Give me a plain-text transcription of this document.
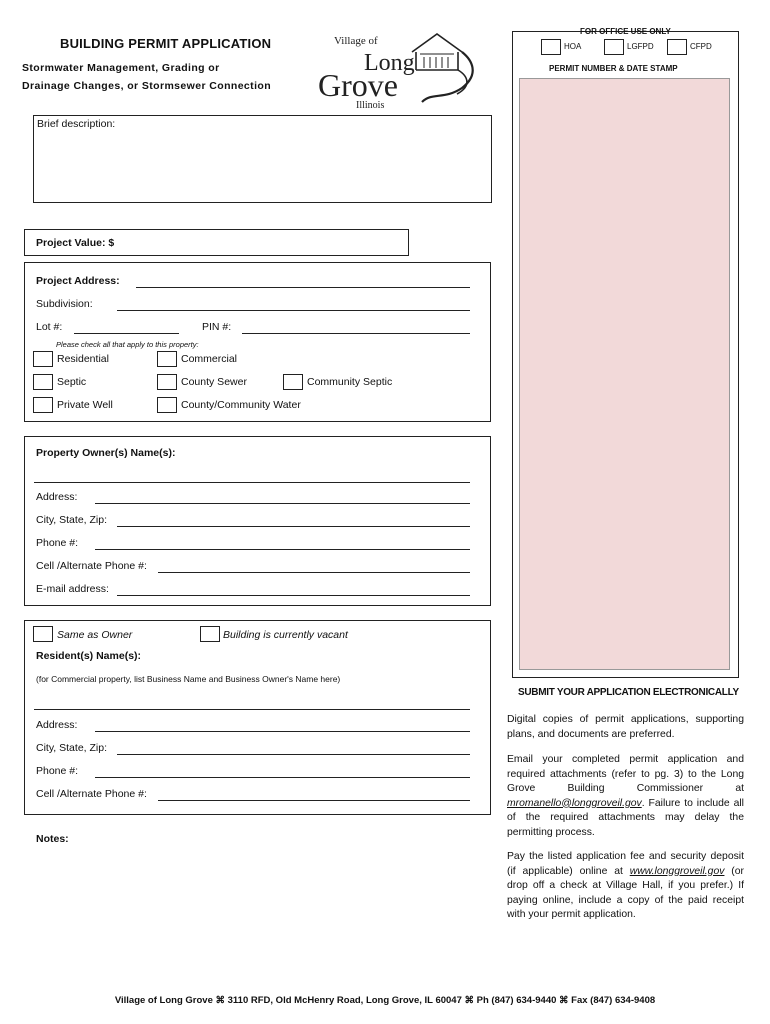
BUILDING PERMIT APPLICATION
Stormwater Management, Grading or
Drainage Changes, or Stormsewer Connection
Village of
Long
Grove
Illinois
FOR OFFICE USE ONLY
HOA	LGFPD	CFPD
PERMIT NUMBER & DATE STAMP
Brief description:
Project Value: $
Project Address:
Subdivision:
Lot #:	PIN #:
Please check all that apply to this property:
Residential	Commercial
Septic	County Sewer	Community Septic
Private Well	County/Community Water
Property Owner(s) Name(s):
Address:
City, State, Zip:
Phone #:
Cell /Alternate Phone #:
E-mail address:
Same as Owner	Building is currently vacant
Resident(s) Name(s):
(for Commercial property, list Business Name and Business Owner's Name here)
Address:
City, State, Zip:
Phone #:
Cell /Alternate Phone #:
Notes:
SUBMIT YOUR APPLICATION ELECTRONICALLY
Digital copies of permit applications, supporting plans, and documents are preferred.
Email your completed permit application and required attachments (refer to pg. 3) to the Long Grove Building Commissioner at mromanello@longgroveil.gov. Failure to include all of the required attachments may delay the permitting process.
Pay the listed application fee and security deposit (if applicable) online at www.longgroveil.gov (or drop off a check at Village Hall, if you prefer.) If paying online, include a copy of the paid receipt with your permit application.
Village of Long Grove ⌘ 3110 RFD, Old McHenry Road, Long Grove, IL 60047 ⌘ Ph (847) 634-9440 ⌘ Fax (847) 634-9408
